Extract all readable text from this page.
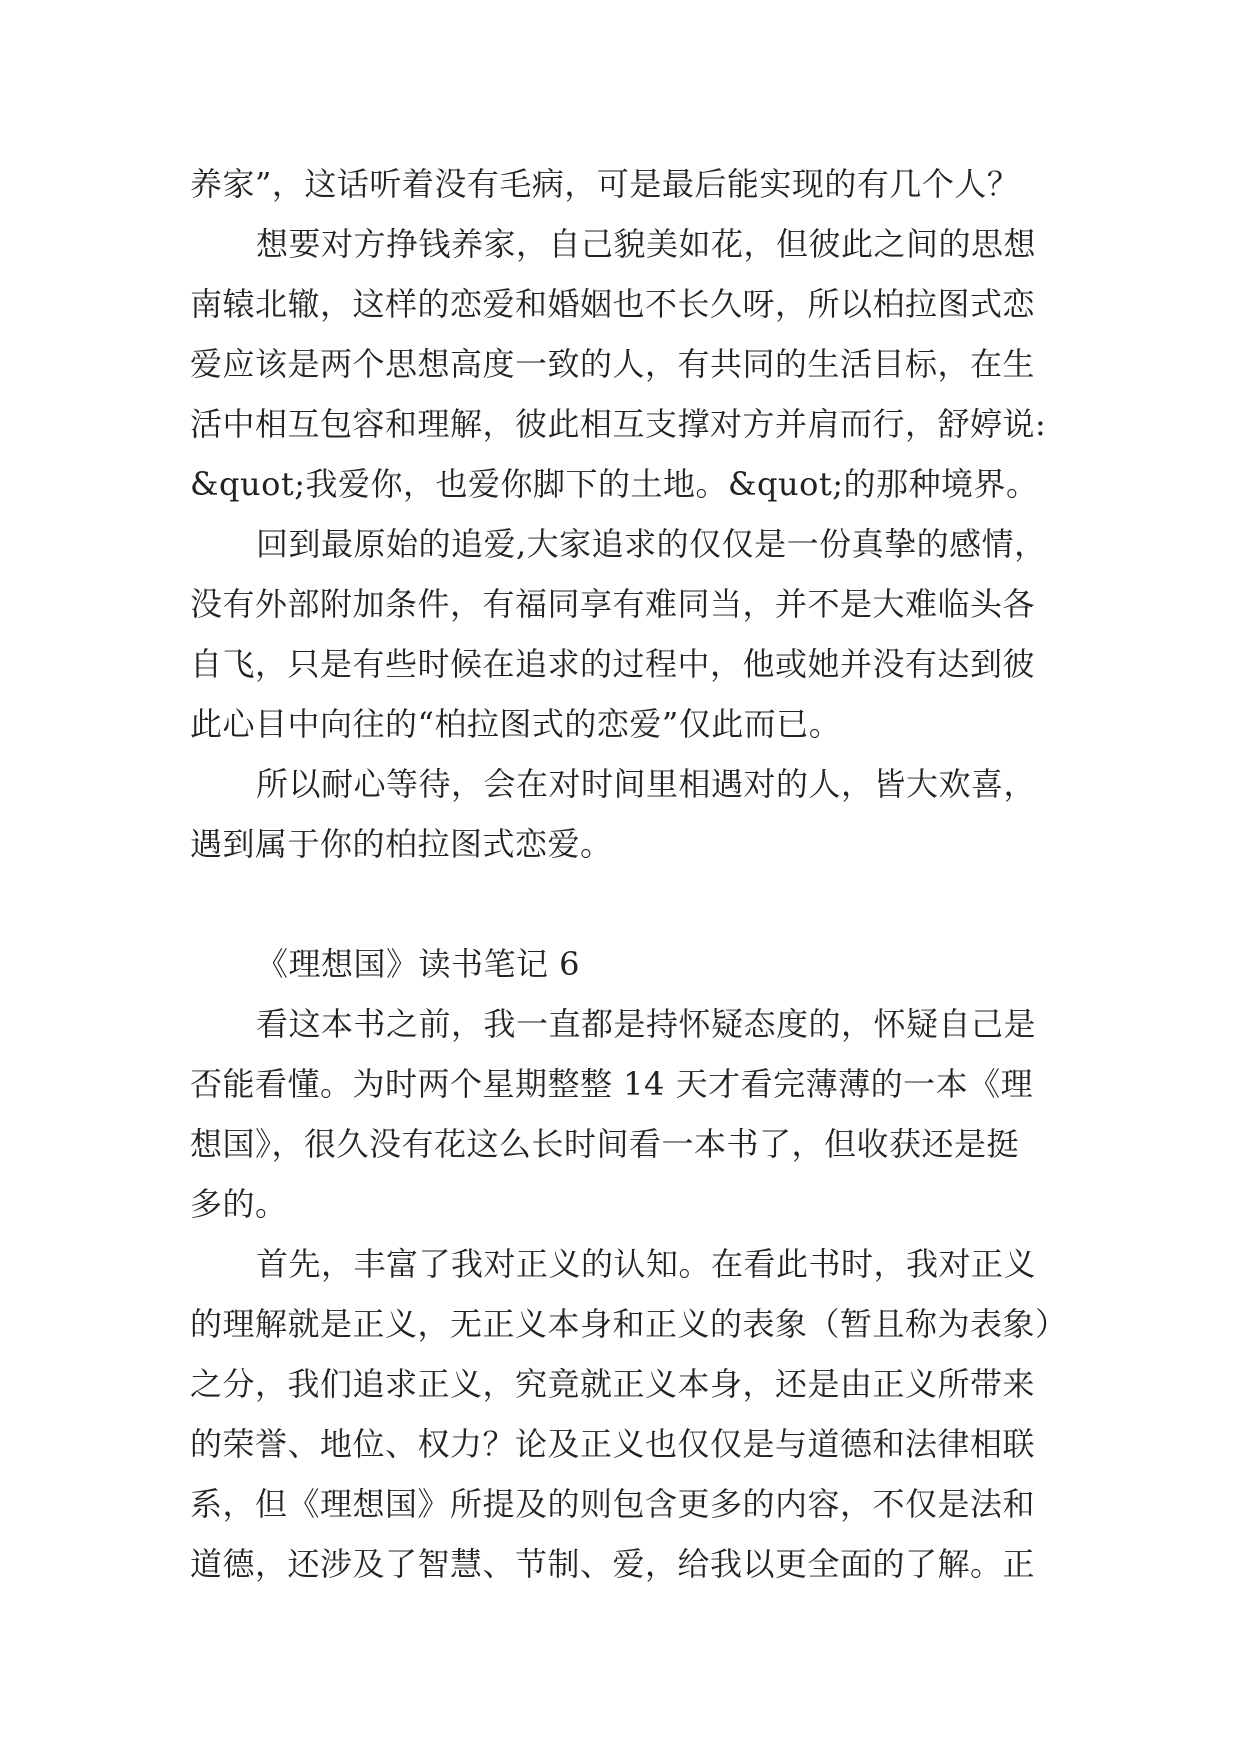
养家”，这话听着没有毛病，可是最后能实现的有几个人？

想要对方挣钱养家，自己貌美如花，但彼此之间的思想

南辕北辙，这样的恋爱和婚姻也不长久呀，所以柏拉图式恋

爱应该是两个思想高度一致的人，有共同的生活目标，在生

活中相互包容和理解，彼此相互支撑对方并肩而行，舒婷说:

&quot;我爱你，也爱你脚下的土地。&quot;的那种境界。

回到最原始的追爱,大家追求的仅仅是一份真挚的感情，

没有外部附加条件，有福同享有难同当，并不是大难临头各

自飞，只是有些时候在追求的过程中，他或她并没有达到彼

此心目中向往的“柏拉图式的恋爱”仅此而已。

所以耐心等待，会在对时间里相遇对的人，皆大欢喜，

遇到属于你的柏拉图式恋爱。

《理想国》读书笔记 6

看这本书之前，我一直都是持怀疑态度的，怀疑自己是

否能看懂。为时两个星期整整 14 天才看完薄薄的一本《理

想国》，很久没有花这么长时间看一本书了，但收获还是挺

多的。

首先，丰富了我对正义的认知。在看此书时，我对正义

的理解就是正义，无正义本身和正义的表象（暂且称为表象）

之分，我们追求正义，究竟就正义本身，还是由正义所带来

的荣誉、地位、权力？论及正义也仅仅是与道德和法律相联

系，但《理想国》所提及的则包含更多的内容，不仅是法和

道德，还涉及了智慧、节制、爱，给我以更全面的了解。正
